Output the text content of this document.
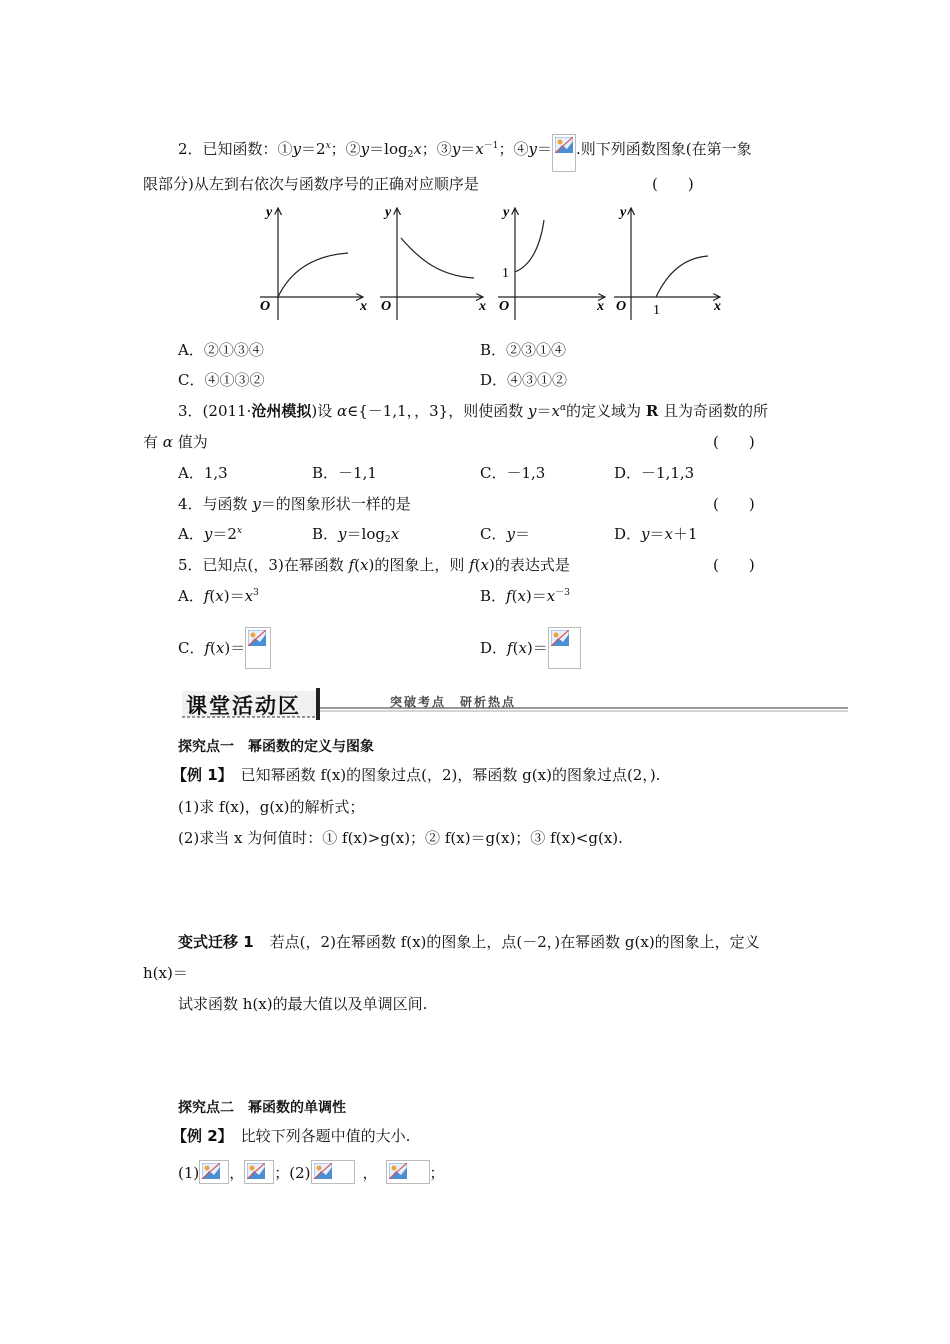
2．已知函数：$①y=2^x$；$②y=\log_2x$；$③y=x^{-1}$；④y＝ .则下列函数图象(在第一象
限部分)从左到右依次与函数序号的正确对应顺序是	(　　)
y
O	x
y
O	x
y
1
O	x
y
O 1	x
A．②①③④	B．②③①④
C．④①③②	D．④③①②
3．(2011·沧州模拟)设 α∈{－1,1，，3}，则使函数 $y=x^\alpha$的定义域为 R 且为奇函数的所
有 α 值为	(　　)
A．1,3	B．－1,1	C．－1,3	D．－1,1,3
4．与函数 y＝的图象形状一样的是	(　　)
A．$y=2^x$	B．$y=\log_2x$	C．y＝	D．y＝x＋1
5．已知点(，3)在幂函数 f(x)的图象上，则 f(x)的表达式是	(　　)
A．$f(x)=x^3$	B．$f(x)=x^{-3}$
C．f(x)＝	D．f(x)＝
课堂活动区	突破考点　研析热点
探究点一　幂函数的定义与图象
【例 1】 已知幂函数 f(x)的图象过点(，2)，幂函数 g(x)的图象过点(2，).
(1)求 f(x)，g(x)的解析式；
(2)求当 x 为何值时：① f(x)>g(x)；② f(x)＝g(x)；③ f(x)<g(x).
变式迁移 1 若点(，2)在幂函数 f(x)的图象上，点(－2，)在幂函数 g(x)的图象上，定义
h(x)＝
试求函数 h(x)的最大值以及单调区间.
探究点二　幂函数的单调性
【例 2】 比较下列各题中值的大小.
(1) ， ；(2)	，	；
